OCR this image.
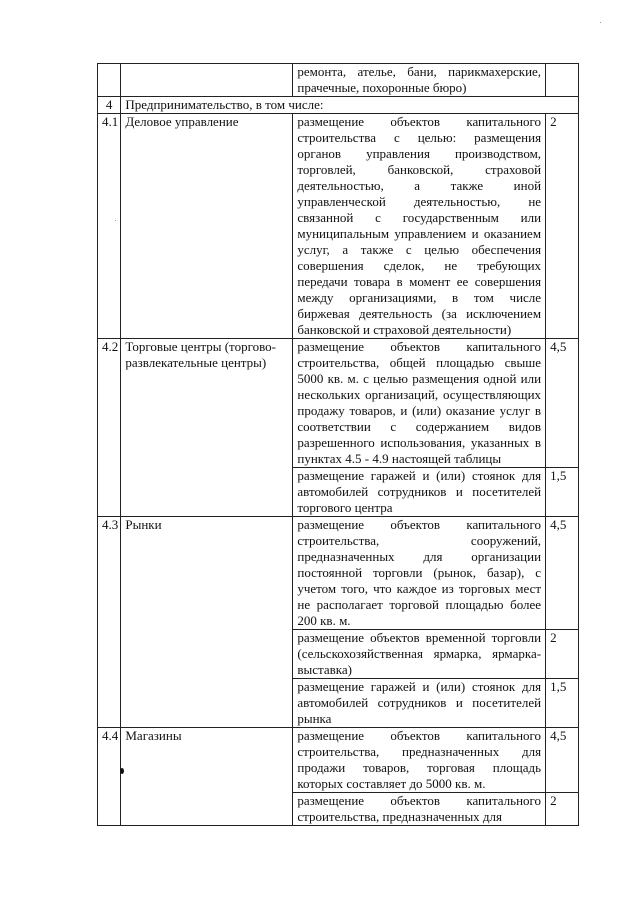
		ремонта, ателье, бани, парикмахерские, прачечные, похоронные бюро)	
4	Предпринимательство, в том числе:		
4.1	Деловое управление	размещение объектов капитального строительства с целью: размещения органов управления производством, торговлей, банковской, страховой деятельностью, а также иной управленческой деятельностью, не связанной с государственным или муниципальным управлением и оказанием услуг, а также с целью обеспечения совершения сделок, не требующих передачи товара в момент ее совершения между организациями, в том числе биржевая деятельность (за исключением банковской и страховой деятельности)	2
4.2	Торговые центры (торгово-развлекательные центры)	размещение объектов капитального строительства, общей площадью свыше 5000 кв. м. с целью размещения одной или нескольких организаций, осуществляющих продажу товаров, и (или) оказание услуг в соответствии с содержанием видов разрешенного использования, указанных в пунктах 4.5 - 4.9 настоящей таблицы	4,5
		размещение гаражей и (или) стоянок для автомобилей сотрудников и посетителей торгового центра	1,5
4.3	Рынки	размещение объектов капитального строительства, сооружений, предназначенных для организации постоянной торговли (рынок, базар), с учетом того, что каждое из торговых мест не располагает торговой площадью более 200 кв. м.	4,5
		размещение объектов временной торговли (сельскохозяйственная ярмарка, ярмарка-выставка)	2
		размещение гаражей и (или) стоянок для автомобилей сотрудников и посетителей рынка	1,5
4.4	Магазины	размещение объектов капитального строительства, предназначенных для продажи товаров, торговая площадь которых составляет до 5000 кв. м.	4,5
		размещение объектов капитального строительства, предназначенных для	2
